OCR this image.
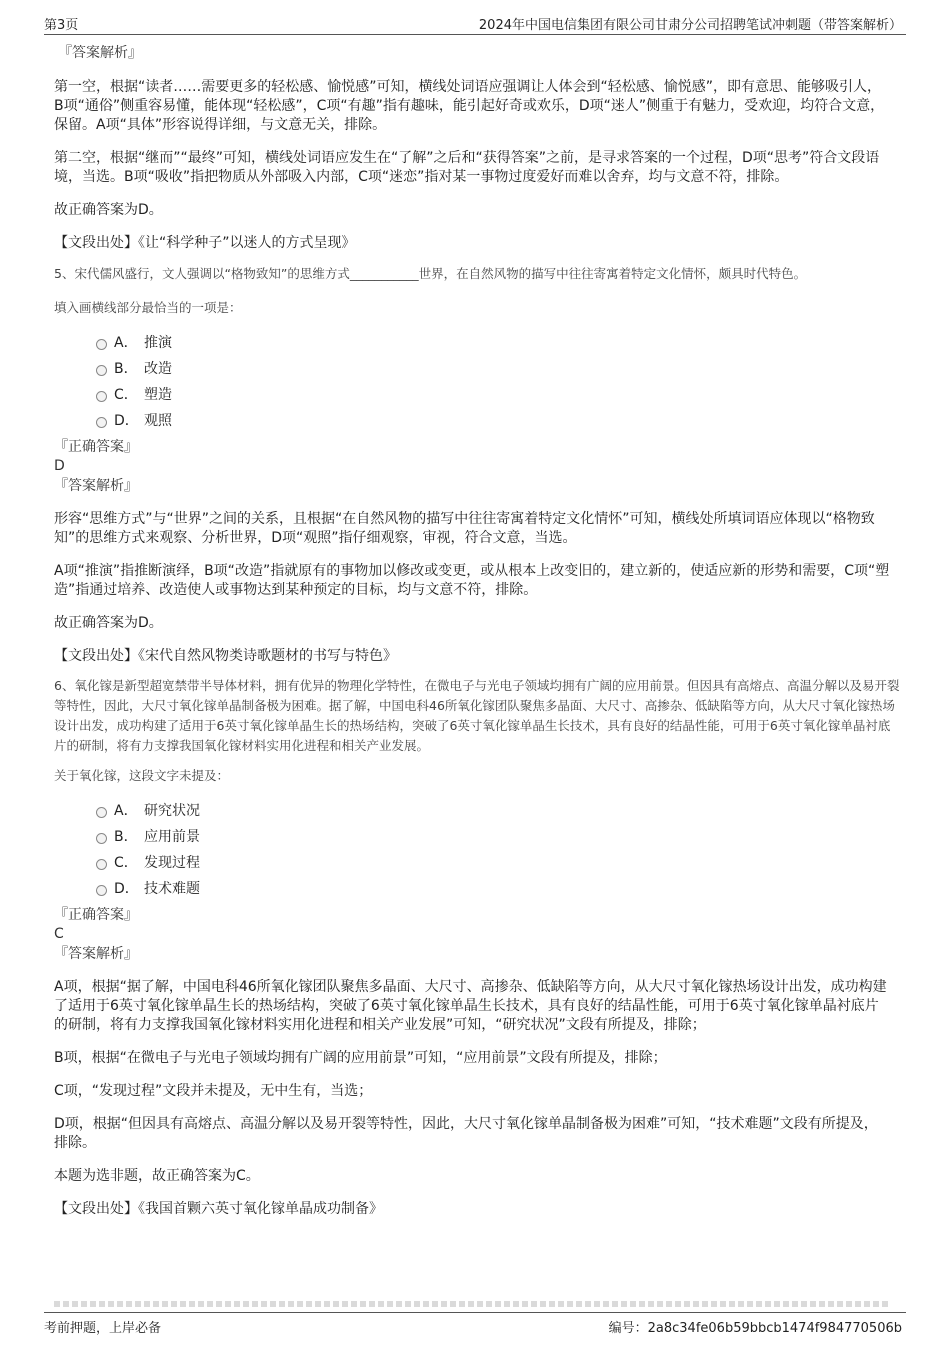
第3页	2024年中国电信集团有限公司甘肃分公司招聘笔试冲刺题（带答案解析）
『答案解析』

第一空，根据“读者……需要更多的轻松感、愉悦感”可知，横线处词语应强调让人体会到“轻松感、愉悦感”，即有意思、能够吸引人，B项“通俗”侧重容易懂，能体现“轻松感”，C项“有趣”指有趣味，能引起好奇或欢乐，D项“迷人”侧重于有魅力，受欢迎，均符合文意，保留。A项“具体”形容说得详细，与文意无关，排除。

第二空，根据“继而”“最终”可知，横线处词语应发生在“了解”之后和“获得答案”之前，是寻求答案的一个过程，D项“思考”符合文段语境，当选。B项“吸收”指把物质从外部吸入内部，C项“迷恋”指对某一事物过度爱好而难以舍弃，均与文意不符，排除。

故正确答案为D。

【文段出处】《让“科学种子”以迷人的方式呈现》

5、宋代儒风盛行，文人强调以“格物致知”的思维方式___________世界，在自然风物的描写中往往寄寓着特定文化情怀，颇具时代特色。

填入画横线部分最恰当的一项是：

A． 推演
B． 改造
C． 塑造
D． 观照
『正确答案』
D
『答案解析』

形容“思维方式”与“世界”之间的关系，且根据“在自然风物的描写中往往寄寓着特定文化情怀”可知，横线处所填词语应体现以“格物致知”的思维方式来观察、分析世界，D项“观照”指仔细观察，审视，符合文意，当选。

A项“推演”指推断演绎，B项“改造”指就原有的事物加以修改或变更，或从根本上改变旧的，建立新的，使适应新的形势和需要，C项“塑造”指通过培养、改造使人或事物达到某种预定的目标，均与文意不符，排除。

故正确答案为D。

【文段出处】《宋代自然风物类诗歌题材的书写与特色》

6、氧化镓是新型超宽禁带半导体材料，拥有优异的物理化学特性，在微电子与光电子领域均拥有广阔的应用前景。但因具有高熔点、高温分解以及易开裂等特性，因此，大尺寸氧化镓单晶制备极为困难。据了解，中国电科46所氧化镓团队聚焦多晶面、大尺寸、高掺杂、低缺陷等方向，从大尺寸氧化镓热场设计出发，成功构建了适用于6英寸氧化镓单晶生长的热场结构，突破了6英寸氧化镓单晶生长技术，具有良好的结晶性能，可用于6英寸氧化镓单晶衬底片的研制，将有力支撑我国氧化镓材料实用化进程和相关产业发展。

关于氧化镓，这段文字未提及：

A． 研究状况
B． 应用前景
C． 发现过程
D． 技术难题
『正确答案』
C
『答案解析』

A项，根据“据了解，中国电科46所氧化镓团队聚焦多晶面、大尺寸、高掺杂、低缺陷等方向，从大尺寸氧化镓热场设计出发，成功构建了适用于6英寸氧化镓单晶生长的热场结构，突破了6英寸氧化镓单晶生长技术，具有良好的结晶性能，可用于6英寸氧化镓单晶衬底片的研制，将有力支撑我国氧化镓材料实用化进程和相关产业发展”可知，“研究状况”文段有所提及，排除；

B项，根据“在微电子与光电子领域均拥有广阔的应用前景”可知，“应用前景”文段有所提及，排除；

C项，“发现过程”文段并未提及，无中生有，当选；

D项，根据“但因具有高熔点、高温分解以及易开裂等特性，因此，大尺寸氧化镓单晶制备极为困难”可知，“技术难题”文段有所提及，排除。

本题为选非题，故正确答案为C。

【文段出处】《我国首颗六英寸氧化镓单晶成功制备》

考前押题，上岸必备	编号：2a8c34fe06b59bbcb1474f984770506b
